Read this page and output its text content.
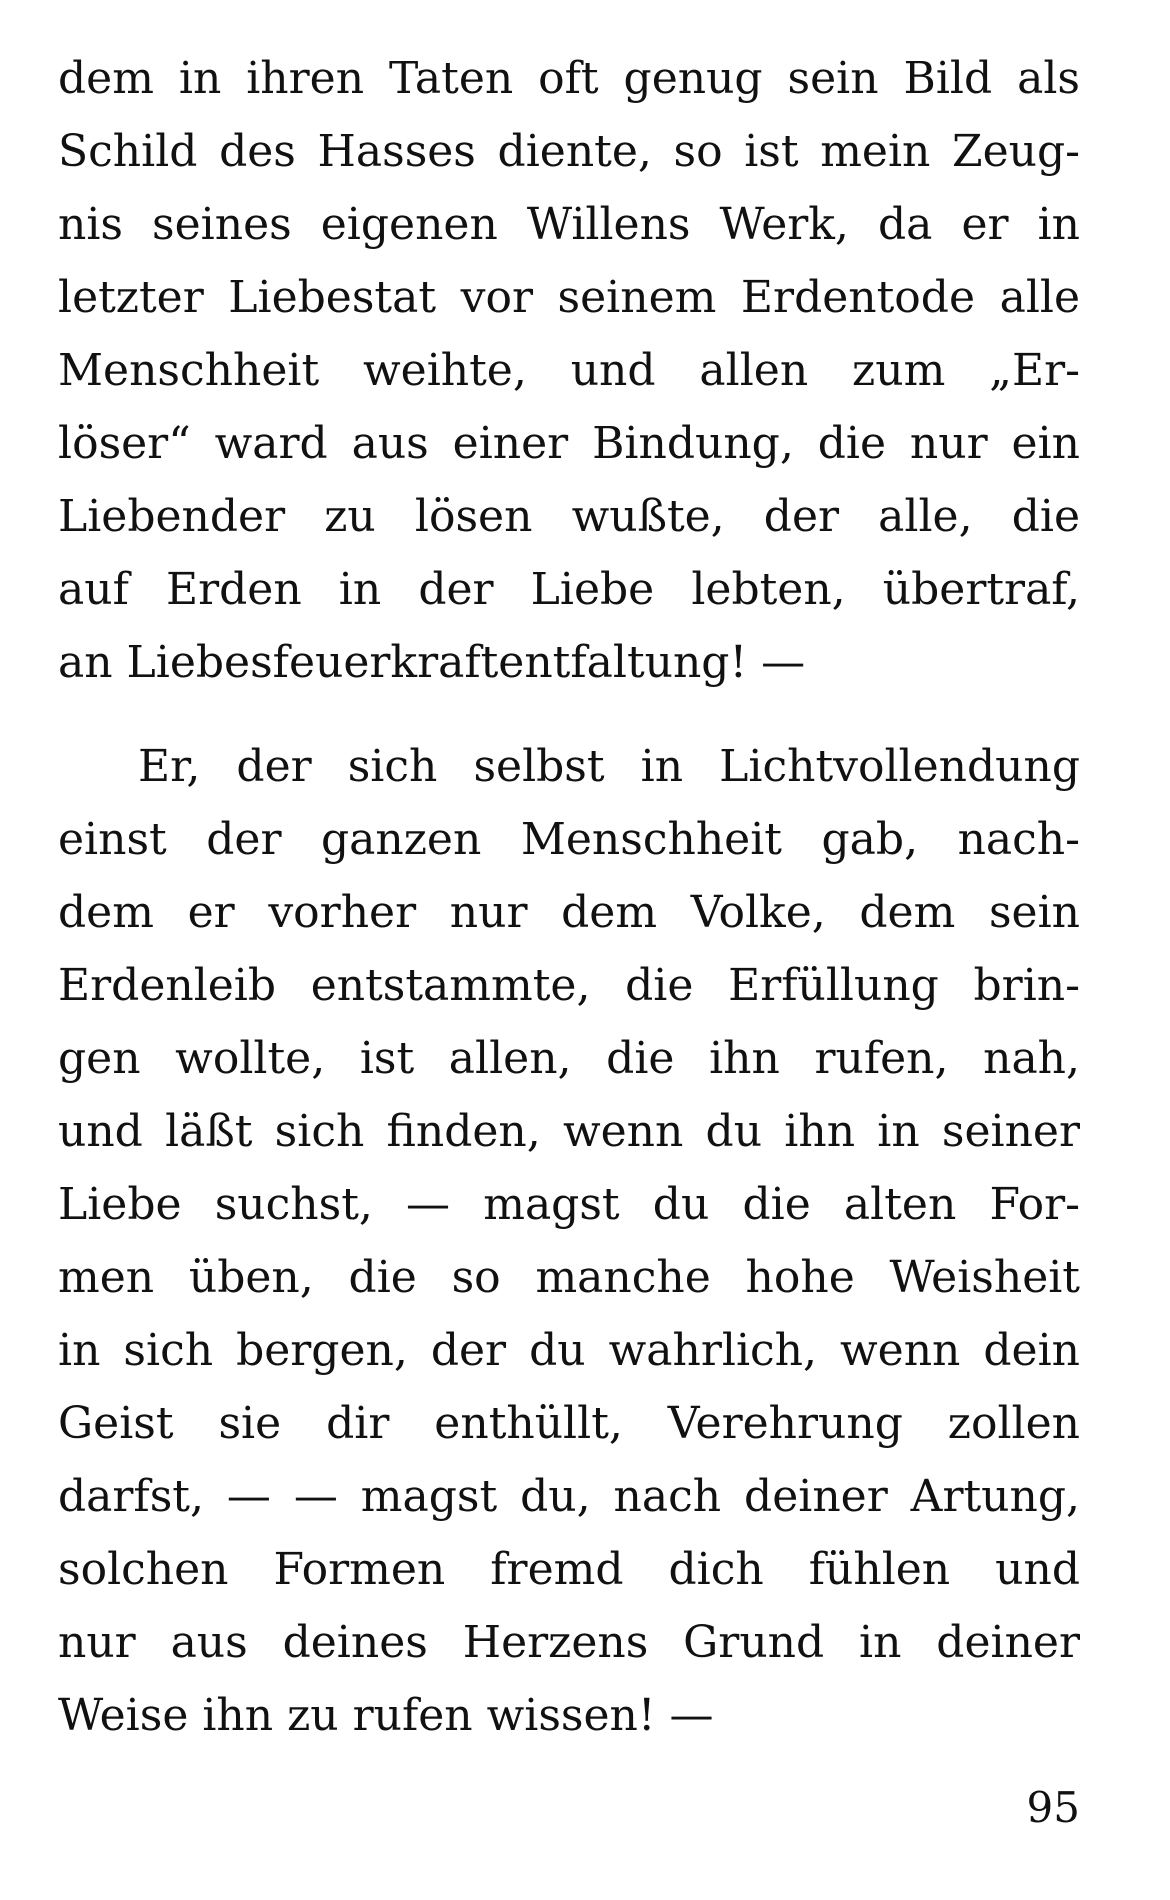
dem in ihren Taten oft genug sein Bild als
Schild des Hasses diente, so ist mein Zeug-
nis seines eigenen Willens Werk, da er in
letzter Liebestat vor seinem Erdentode alle
Menschheit weihte, und allen zum „Er-
löser“ ward aus einer Bindung, die nur ein
Liebender zu lösen wußte, der alle, die
auf Erden in der Liebe lebten, übertraf,
an Liebesfeuerkraftentfaltung! —
Er, der sich selbst in Lichtvollendung
einst der ganzen Menschheit gab, nach-
dem er vorher nur dem Volke, dem sein
Erdenleib entstammte, die Erfüllung brin-
gen wollte, ist allen, die ihn rufen, nah,
und läßt sich finden, wenn du ihn in seiner
Liebe suchst, — magst du die alten For-
men üben, die so manche hohe Weisheit
in sich bergen, der du wahrlich, wenn dein
Geist sie dir enthüllt, Verehrung zollen
darfst, — — magst du, nach deiner Artung,
solchen Formen fremd dich fühlen und
nur aus deines Herzens Grund in deiner
Weise ihn zu rufen wissen! —
95
